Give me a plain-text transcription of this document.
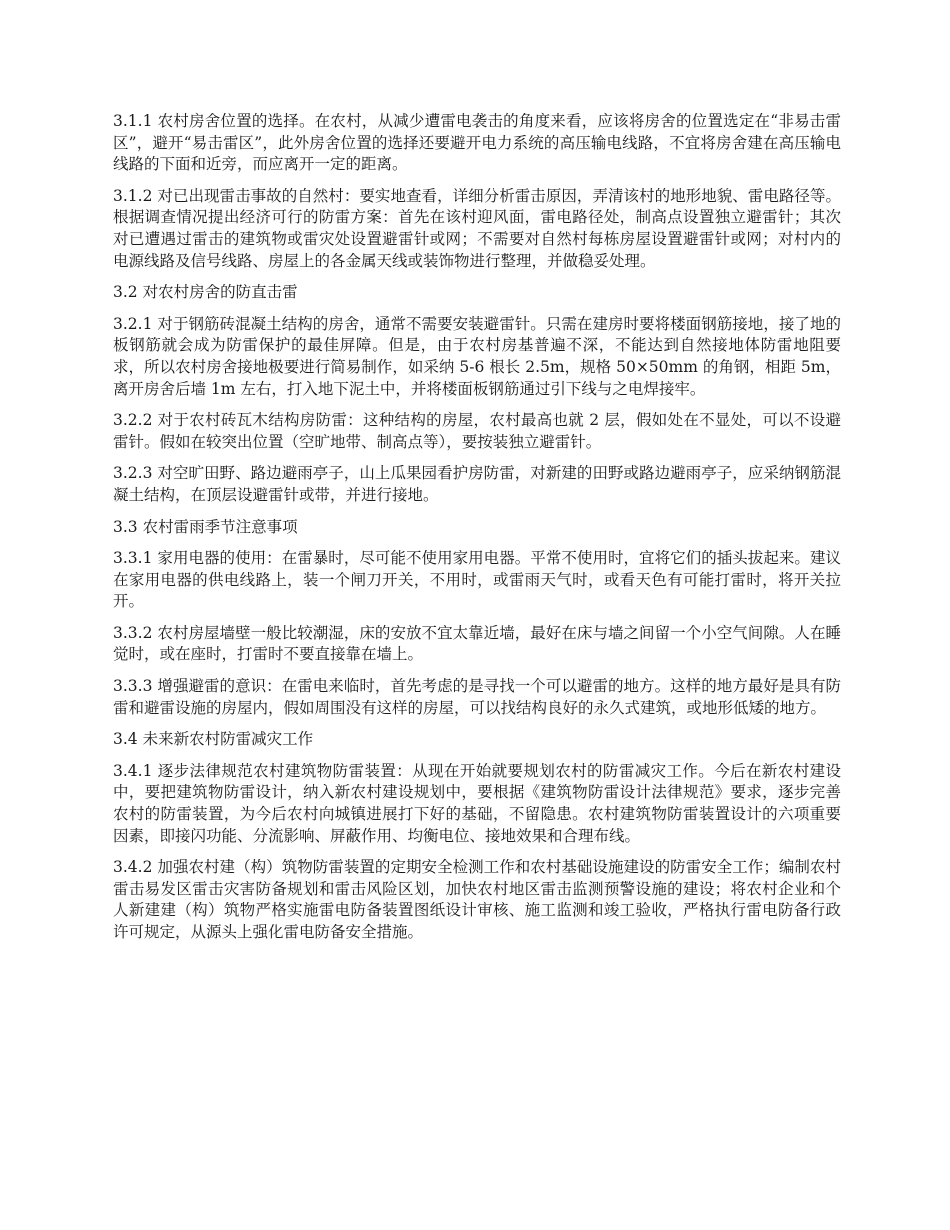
3.1.1 农村房舍位置的选择。在农村，从减少遭雷电袭击的角度来看，应该将房舍的位置选定在“非易击雷区”，避开“易击雷区”，此外房舍位置的选择还要避开电力系统的高压输电线路，不宜将房舍建在高压输电线路的下面和近旁，而应离开一定的距离。

3.1.2 对已出现雷击事故的自然村：要实地查看，详细分析雷击原因，弄清该村的地形地貌、雷电路径等。根据调查情况提出经济可行的防雷方案：首先在该村迎风面，雷电路径处，制高点设置独立避雷针；其次对已遭遇过雷击的建筑物或雷灾处设置避雷针或网；不需要对自然村每栋房屋设置避雷针或网；对村内的电源线路及信号线路、房屋上的各金属天线或装饰物进行整理，并做稳妥处理。

3.2 对农村房舍的防直击雷

3.2.1 对于钢筋砖混凝土结构的房舍，通常不需要安装避雷针。只需在建房时要将楼面钢筋接地，接了地的板钢筋就会成为防雷保护的最佳屏障。但是，由于农村房基普遍不深，不能达到自然接地体防雷地阻要求，所以农村房舍接地极要进行简易制作，如采纳 5-6 根长 2.5m，规格 50×50mm 的角钢，相距 5m，离开房舍后墙 1m 左右，打入地下泥土中，并将楼面板钢筋通过引下线与之电焊接牢。

3.2.2 对于农村砖瓦木结构房防雷：这种结构的房屋，农村最高也就 2 层，假如处在不显处，可以不设避雷针。假如在较突出位置（空旷地带、制高点等），要按装独立避雷针。

3.2.3 对空旷田野、路边避雨亭子，山上瓜果园看护房防雷，对新建的田野或路边避雨亭子，应采纳钢筋混凝土结构，在顶层设避雷针或带，并进行接地。

3.3 农村雷雨季节注意事项

3.3.1 家用电器的使用：在雷暴时，尽可能不使用家用电器。平常不使用时，宜将它们的插头拔起来。建议在家用电器的供电线路上，装一个闸刀开关，不用时，或雷雨天气时，或看天色有可能打雷时，将开关拉开。

3.3.2 农村房屋墙壁一般比较潮湿，床的安放不宜太靠近墙，最好在床与墙之间留一个小空气间隙。人在睡觉时，或在座时，打雷时不要直接靠在墙上。

3.3.3 增强避雷的意识：在雷电来临时，首先考虑的是寻找一个可以避雷的地方。这样的地方最好是具有防雷和避雷设施的房屋内，假如周围没有这样的房屋，可以找结构良好的永久式建筑，或地形低矮的地方。

3.4 未来新农村防雷减灾工作

3.4.1 逐步法律规范农村建筑物防雷装置：从现在开始就要规划农村的防雷减灾工作。今后在新农村建设中，要把建筑物防雷设计，纳入新农村建设规划中，要根据《建筑物防雷设计法律规范》要求，逐步完善农村的防雷装置，为今后农村向城镇进展打下好的基础，不留隐患。农村建筑物防雷装置设计的六项重要因素，即接闪功能、分流影响、屏蔽作用、均衡电位、接地效果和合理布线。

3.4.2 加强农村建（构）筑物防雷装置的定期安全检测工作和农村基础设施建设的防雷安全工作；编制农村雷击易发区雷击灾害防备规划和雷击风险区划，加快农村地区雷击监测预警设施的建设；将农村企业和个人新建建（构）筑物严格实施雷电防备装置图纸设计审核、施工监测和竣工验收，严格执行雷电防备行政许可规定，从源头上强化雷电防备安全措施。
